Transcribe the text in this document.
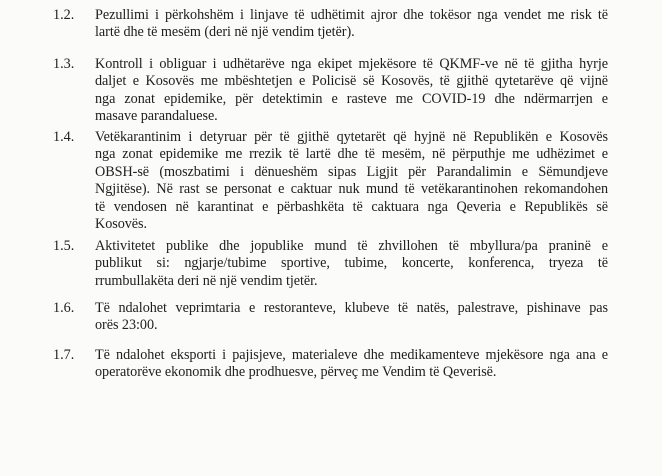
1.2. Pezullimi i përkohshëm i linjave të udhëtimit ajror dhe tokësor nga vendet me risk të
lartë dhe të mesëm (deri në një vendim tjetër).
1.3. Kontroll i obliguar i udhëtarëve nga ekipet mjekësore të QKMF-ve në të gjitha hyrje
daljet e Kosovës me mbështetjen e Policisë së Kosovës, të gjithë qytetarëve që vijnë
nga zonat epidemike, për detektimin e rasteve me COVID-19 dhe ndërmarrjen e
masave parandaluese.
1.4. Vetëkarantinim i detyruar për të gjithë qytetarët që hyjnë në Republikën e Kosovës
nga zonat epidemike me rrezik të lartë dhe të mesëm, në përputhje me udhëzimet e
OBSH-së (moszbatimi i dënueshëm sipas Ligjit për Parandalimin e Sëmundjeve
Ngjitëse). Në rast se personat e caktuar nuk mund të vetëkarantinohen rekomandohen
të vendosen në karantinat e përbashkëta të caktuara nga Qeveria e Republikës së
Kosovës.
1.5. Aktivitetet publike dhe jopublike mund të zhvillohen të mbyllura/pa praninë e
publikut si: ngjarje/tubime sportive, tubime, koncerte, konferenca, tryeza të
rrumbullakëta deri në një vendim tjetër.
1.6. Të ndalohet veprimtaria e restoranteve, klubeve të natës, palestrave, pishinave pas
orës 23:00.
1.7. Të ndalohet eksporti i pajisjeve, materialeve dhe medikamenteve mjekësore nga ana e
operatorëve ekonomik dhe prodhuesve, përveç me Vendim të Qeverisë.
